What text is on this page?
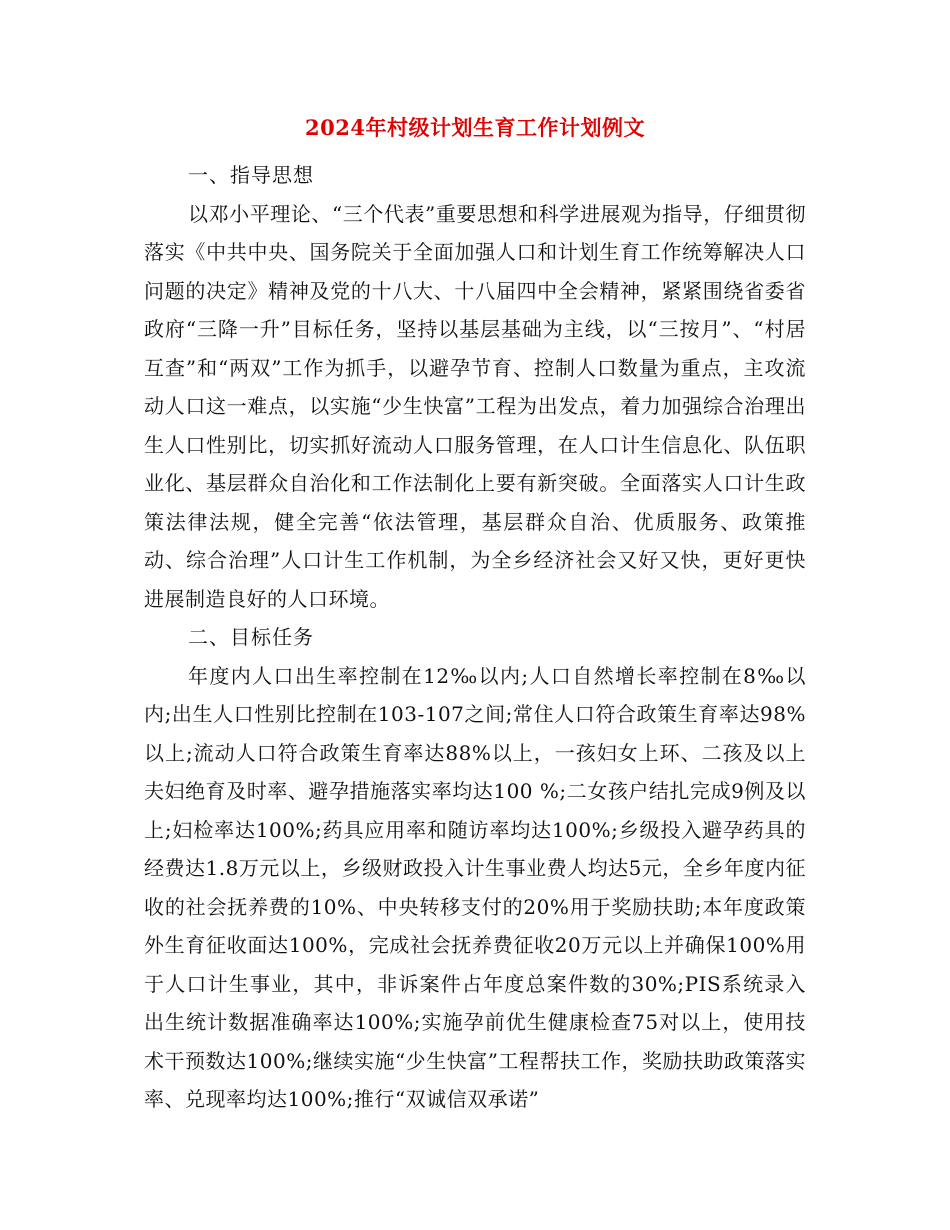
2024年村级计划生育工作计划例文

一、指导思想

以邓小平理论、“三个代表”重要思想和科学进展观为指导，仔细贯彻落实《中共中央、国务院关于全面加强人口和计划生育工作统筹解决人口问题的决定》精神及党的十八大、十八届四中全会精神，紧紧围绕省委省政府“三降一升”目标任务，坚持以基层基础为主线，以“三按月”、“村居互查”和“两双”工作为抓手，以避孕节育、控制人口数量为重点，主攻流动人口这一难点，以实施“少生快富”工程为出发点，着力加强综合治理出生人口性别比，切实抓好流动人口服务管理，在人口计生信息化、队伍职业化、基层群众自治化和工作法制化上要有新突破。全面落实人口计生政策法律法规，健全完善“依法管理，基层群众自治、优质服务、政策推动、综合治理”人口计生工作机制，为全乡经济社会又好又快，更好更快进展制造良好的人口环境。

二、目标任务

年度内人口出生率控制在12‰以内;人口自然增长率控制在8‰以内;出生人口性别比控制在103-107之间;常住人口符合政策生育率达98%以上;流动人口符合政策生育率达88%以上，一孩妇女上环、二孩及以上夫妇绝育及时率、避孕措施落实率均达100 %;二女孩户结扎完成9例及以上;妇检率达100%;药具应用率和随访率均达100%;乡级投入避孕药具的经费达1.8万元以上，乡级财政投入计生事业费人均达5元，全乡年度内征收的社会抚养费的10%、中央转移支付的20%用于奖励扶助;本年度政策外生育征收面达100%，完成社会抚养费征收20万元以上并确保100%用于人口计生事业，其中，非诉案件占年度总案件数的30%;PIS系统录入出生统计数据准确率达100%;实施孕前优生健康检查75对以上，使用技术干预数达100%;继续实施“少生快富”工程帮扶工作，奖励扶助政策落实率、兑现率均达100%;推行“双诚信双承诺”
